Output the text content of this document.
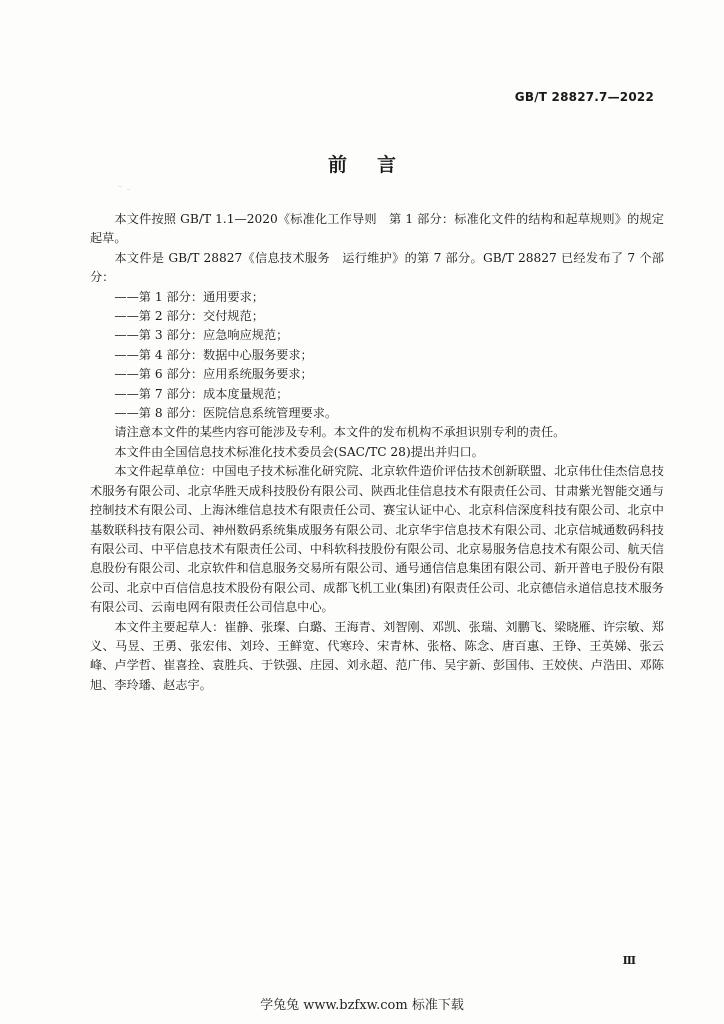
GB/T 28827.7—2022
⁻ ﹣
前 言

本文件按照 GB/T 1.1—2020《标准化工作导则　第 1 部分：标准化文件的结构和起草规则》的规定起草。

本文件是 GB/T 28827《信息技术服务　运行维护》的第 7 部分。GB/T 28827 已经发布了 7 个部分：

——第 1 部分：通用要求；

——第 2 部分：交付规范；

——第 3 部分：应急响应规范；

——第 4 部分：数据中心服务要求；

——第 6 部分：应用系统服务要求；

——第 7 部分：成本度量规范；

——第 8 部分：医院信息系统管理要求。

请注意本文件的某些内容可能涉及专利。本文件的发布机构不承担识别专利的责任。

本文件由全国信息技术标准化技术委员会(SAC/TC 28)提出并归口。

本文件起草单位：中国电子技术标准化研究院、北京软件造价评估技术创新联盟、北京伟仕佳杰信息技术服务有限公司、北京华胜天成科技股份有限公司、陕西北佳信息技术有限责任公司、甘肃紫光智能交通与控制技术有限公司、上海沐维信息技术有限责任公司、赛宝认证中心、北京科信深度科技有限公司、北京中基数联科技有限公司、神州数码系统集成服务有限公司、北京华宇信息技术有限公司、北京信城通数码科技有限公司、中平信息技术有限责任公司、中科软科技股份有限公司、北京易服务信息技术有限公司、航天信息股份有限公司、北京软件和信息服务交易所有限公司、通号通信信息集团有限公司、新开普电子股份有限公司、北京中百信信息技术股份有限公司、成都飞机工业(集团)有限责任公司、北京德信永道信息技术服务有限公司、云南电网有限责任公司信息中心。

本文件主要起草人：崔静、张璨、白璐、王海青、刘智刚、邓凯、张瑞、刘鹏飞、梁晓雁、许宗敏、郑义、马昱、王勇、张宏伟、刘玲、王鲜宽、代寒玲、宋青林、张格、陈念、唐百惠、王铮、王英娣、张云峰、卢学哲、崔喜拴、袁胜兵、于铁强、庄园、刘永超、范广伟、吴宇新、彭国伟、王姣侠、卢浩田、邓陈旭、李玲璠、赵志宇。

Ⅲ
学兔兔 www.bzfxw.com 标准下载
